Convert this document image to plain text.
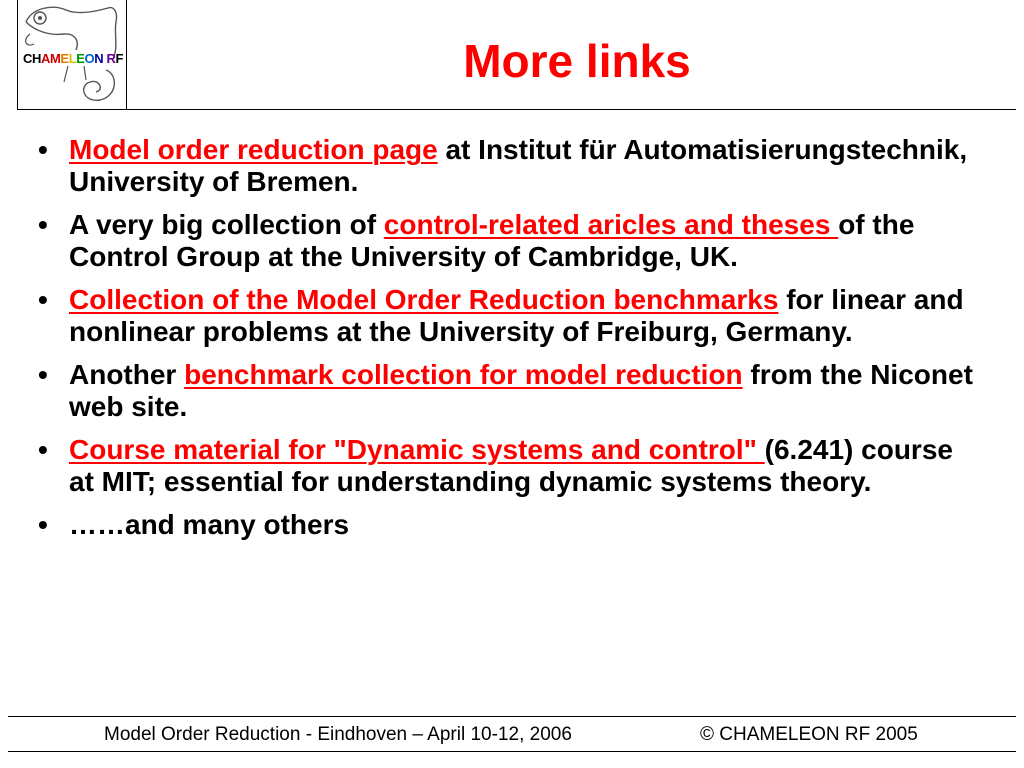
CHAMELEON RF	More links
• Model order reduction page at Institut für Automatisierungstechnik, University of Bremen.
• A very big collection of control-related aricles and theses of the Control Group at the University of Cambridge, UK.
• Collection of the Model Order Reduction benchmarks for linear and nonlinear problems at the University of Freiburg, Germany.
• Another benchmark collection for model reduction from the Niconet web site.
• Course material for "Dynamic systems and control" (6.241) course at MIT; essential for understanding dynamic systems theory.
• ……and many others
Model Order Reduction - Eindhoven – April 10-12, 2006	© CHAMELEON RF 2005
